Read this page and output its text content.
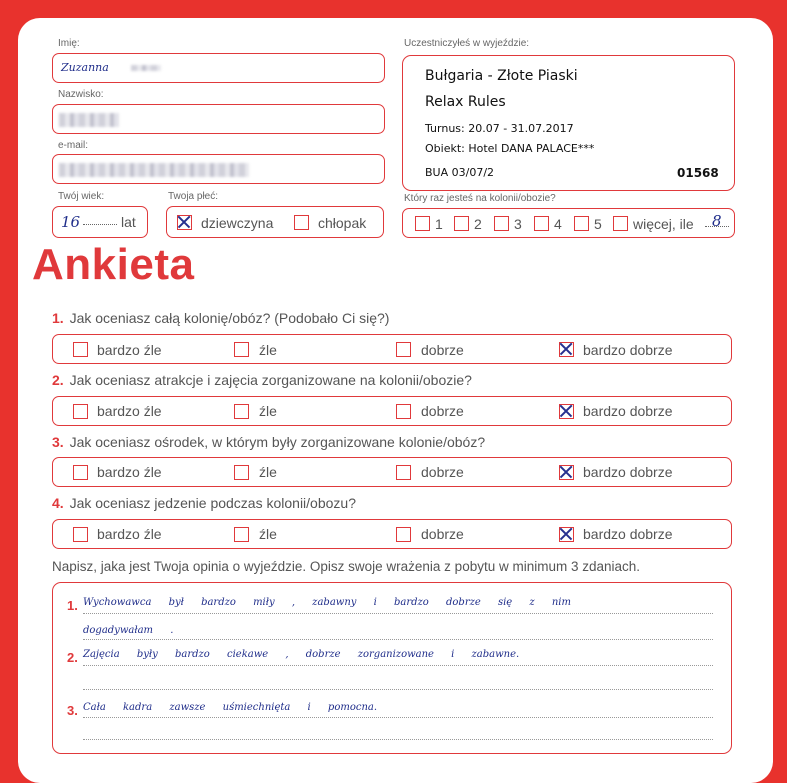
Imię:
Zuzanna
Nazwisko:
e-mail:
Twój wiek:
16	lat
Twoja płeć:
dziewczyna	chłopak
Uczestniczyłeś w wyjeździe:
Bułgaria - Złote Piaski
Relax Rules
Turnus: 20.07 - 31.07.2017
Obiekt: Hotel DANA PALACE***
BUA 03/07/2	01568
Który raz jesteś na kolonii/obozie?
1 2 3 4 5 więcej, ile 8
Ankieta
1. Jak oceniasz całą kolonię/obóz? (Podobało Ci się?)
bardzo źle	źle	dobrze	bardzo dobrze
2. Jak oceniasz atrakcje i zajęcia zorganizowane na kolonii/obozie?
bardzo źle	źle	dobrze	bardzo dobrze
3. Jak oceniasz ośrodek, w którym były zorganizowane kolonie/obóz?
bardzo źle	źle	dobrze	bardzo dobrze
4. Jak oceniasz jedzenie podczas kolonii/obozu?
bardzo źle	źle	dobrze	bardzo dobrze
Napisz, jaka jest Twoja opinia o wyjeździe. Opisz swoje wrażenia z pobytu w minimum 3 zdaniach.
1. Wychowawca był bardzo miły , zabawny i bardzo dobrze się z nim
dogadywałam .
2. Zajęcia były bardzo ciekawe , dobrze zorganizowane i zabawne.
3. Cała kadra zawsze uśmiechnięta i pomocna.
